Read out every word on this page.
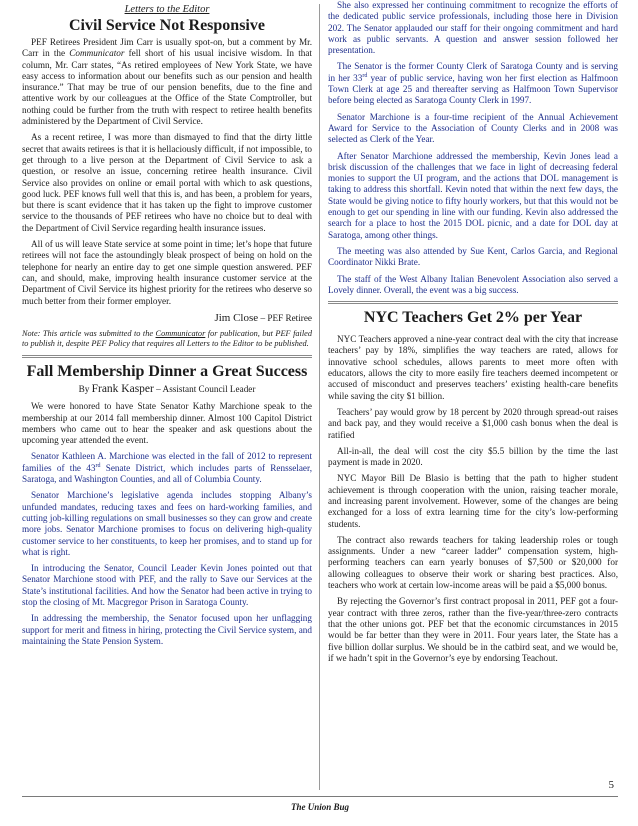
Letters to the Editor
Civil Service Not Responsive

PEF Retirees President Jim Carr is usually spot-on, but a comment by Mr. Carr in the Communicator fell short of his usual incisive wisdom. In that column, Mr. Carr states, “As retired employees of New York State, we have easy access to information about our benefits such as our pension and health insurance.” That may be true of our pension benefits, due to the fine and attentive work by our colleagues at the Office of the State Comptroller, but nothing could be further from the truth with respect to retiree health benefits administered by the Department of Civil Service.

As a recent retiree, I was more than dismayed to find that the dirty little secret that awaits retirees is that it is hellaciously difficult, if not impossible, to get through to a live person at the Department of Civil Service to ask a question, or resolve an issue, concerning retiree health insurance. Civil Service also provides on online or email portal with which to ask questions, good luck. PEF knows full well that this is, and has been, a problem for years, but there is scant evidence that it has taken up the fight to improve customer service to the thousands of PEF retirees who have no choice but to deal with the Department of Civil Service regarding health insurance issues.

All of us will leave State service at some point in time; let’s hope that future retirees will not face the astoundingly bleak prospect of being on hold on the telephone for nearly an entire day to get one simple question answered. PEF can, and should, make, improving health insurance customer service at the Department of Civil Service its highest priority for the retirees who deserve so much better from their former employer.

Jim Close – PEF Retiree

Note: This article was submitted to the Communicator for publication, but PEF failed to publish it, despite PEF Policy that requires all Letters to the Editor to be published.

Fall Membership Dinner a Great Success
By Frank Kasper – Assistant Council Leader

We were honored to have State Senator Kathy Marchione speak to the membership at our 2014 fall membership dinner. Almost 100 Capitol District members who came out to hear the speaker and ask questions about the upcoming year attended the event.

Senator Kathleen A. Marchione was elected in the fall of 2012 to represent families of the 43rd Senate District, which includes parts of Rensselaer, Saratoga, and Washington Counties, and all of Columbia County.

Senator Marchione’s legislative agenda includes stopping Albany’s unfunded mandates, reducing taxes and fees on hard-working families, and cutting job-killing regulations on small businesses so they can grow and create more jobs. Senator Marchione promises to focus on delivering high-quality customer service to her constituents, to keep her promises, and to stand up for what is right.

In introducing the Senator, Council Leader Kevin Jones pointed out that Senator Marchione stood with PEF, and the rally to Save our Services at the State’s institutional facilities. And how the Senator had been active in trying to stop the closing of Mt. Macgregor Prison in Saratoga County.

In addressing the membership, the Senator focused upon her unflagging support for merit and fitness in hiring, protecting the Civil Service system, and maintaining the State Pension System.

She also expressed her continuing commitment to recognize the efforts of the dedicated public service professionals, including those here in Division 202. The Senator applauded our staff for their ongoing commitment and hard work as public servants. A question and answer session followed her presentation.

The Senator is the former County Clerk of Saratoga County and is serving in her 33rd year of public service, having won her first election as Halfmoon Town Clerk at age 25 and thereafter serving as Halfmoon Town Supervisor before being elected as Saratoga County Clerk in 1997.

Senator Marchione is a four-time recipient of the Annual Achievement Award for Service to the Association of County Clerks and in 2008 was selected as Clerk of the Year.

After Senator Marchione addressed the membership, Kevin Jones lead a brisk discussion of the challenges that we face in light of decreasing federal monies to support the UI program, and the actions that DOL management is taking to address this shortfall. Kevin noted that within the next few days, the State would be giving notice to fifty hourly workers, but that this would not be enough to get our spending in line with our funding. Kevin also addressed the search for a place to host the 2015 DOL picnic, and a date for DOL day at Saratoga, among other things.

The meeting was also attended by Sue Kent, Carlos Garcia, and Regional Coordinator Nikki Brate.

The staff of the West Albany Italian Benevolent Association also served a Lovely dinner. Overall, the event was a big success.

NYC Teachers Get 2% per Year

NYC Teachers approved a nine-year contract deal with the city that increase teachers’ pay by 18%, simplifies the way teachers are rated, allows for innovative school schedules, allows parents to meet more often with educators, allows the city to more easily fire teachers deemed incompetent or accused of misconduct and preserves teachers’ existing health-care benefits while saving the city $1 billion.

Teachers’ pay would grow by 18 percent by 2020 through spread-out raises and back pay, and they would receive a $1,000 cash bonus when the deal is ratified

All-in-all, the deal will cost the city $5.5 billion by the time the last payment is made in 2020.

NYC Mayor Bill De Blasio is betting that the path to higher student achievement is through cooperation with the union, raising teacher morale, and increasing parent involvement. However, some of the changes are being exchanged for a loss of extra learning time for the city’s low-performing students.

The contract also rewards teachers for taking leadership roles or tough assignments. Under a new “career ladder” compensation system, high-performing teachers can earn yearly bonuses of $7,500 or $20,000 for allowing colleagues to observe their work or sharing best practices. Also, teachers who work at certain low-income areas will be paid a $5,000 bonus.

By rejecting the Governor’s first contract proposal in 2011, PEF got a four-year contract with three zeros, rather than the five-year/three-zero contracts that the other unions got. PEF bet that the economic circumstances in 2015 would be far better than they were in 2011. Four years later, the State has a five billion dollar surplus. We should be in the catbird seat, and we would be, if we hadn’t spit in the Governor’s eye by endorsing Teachout.

5
The Union Bug
